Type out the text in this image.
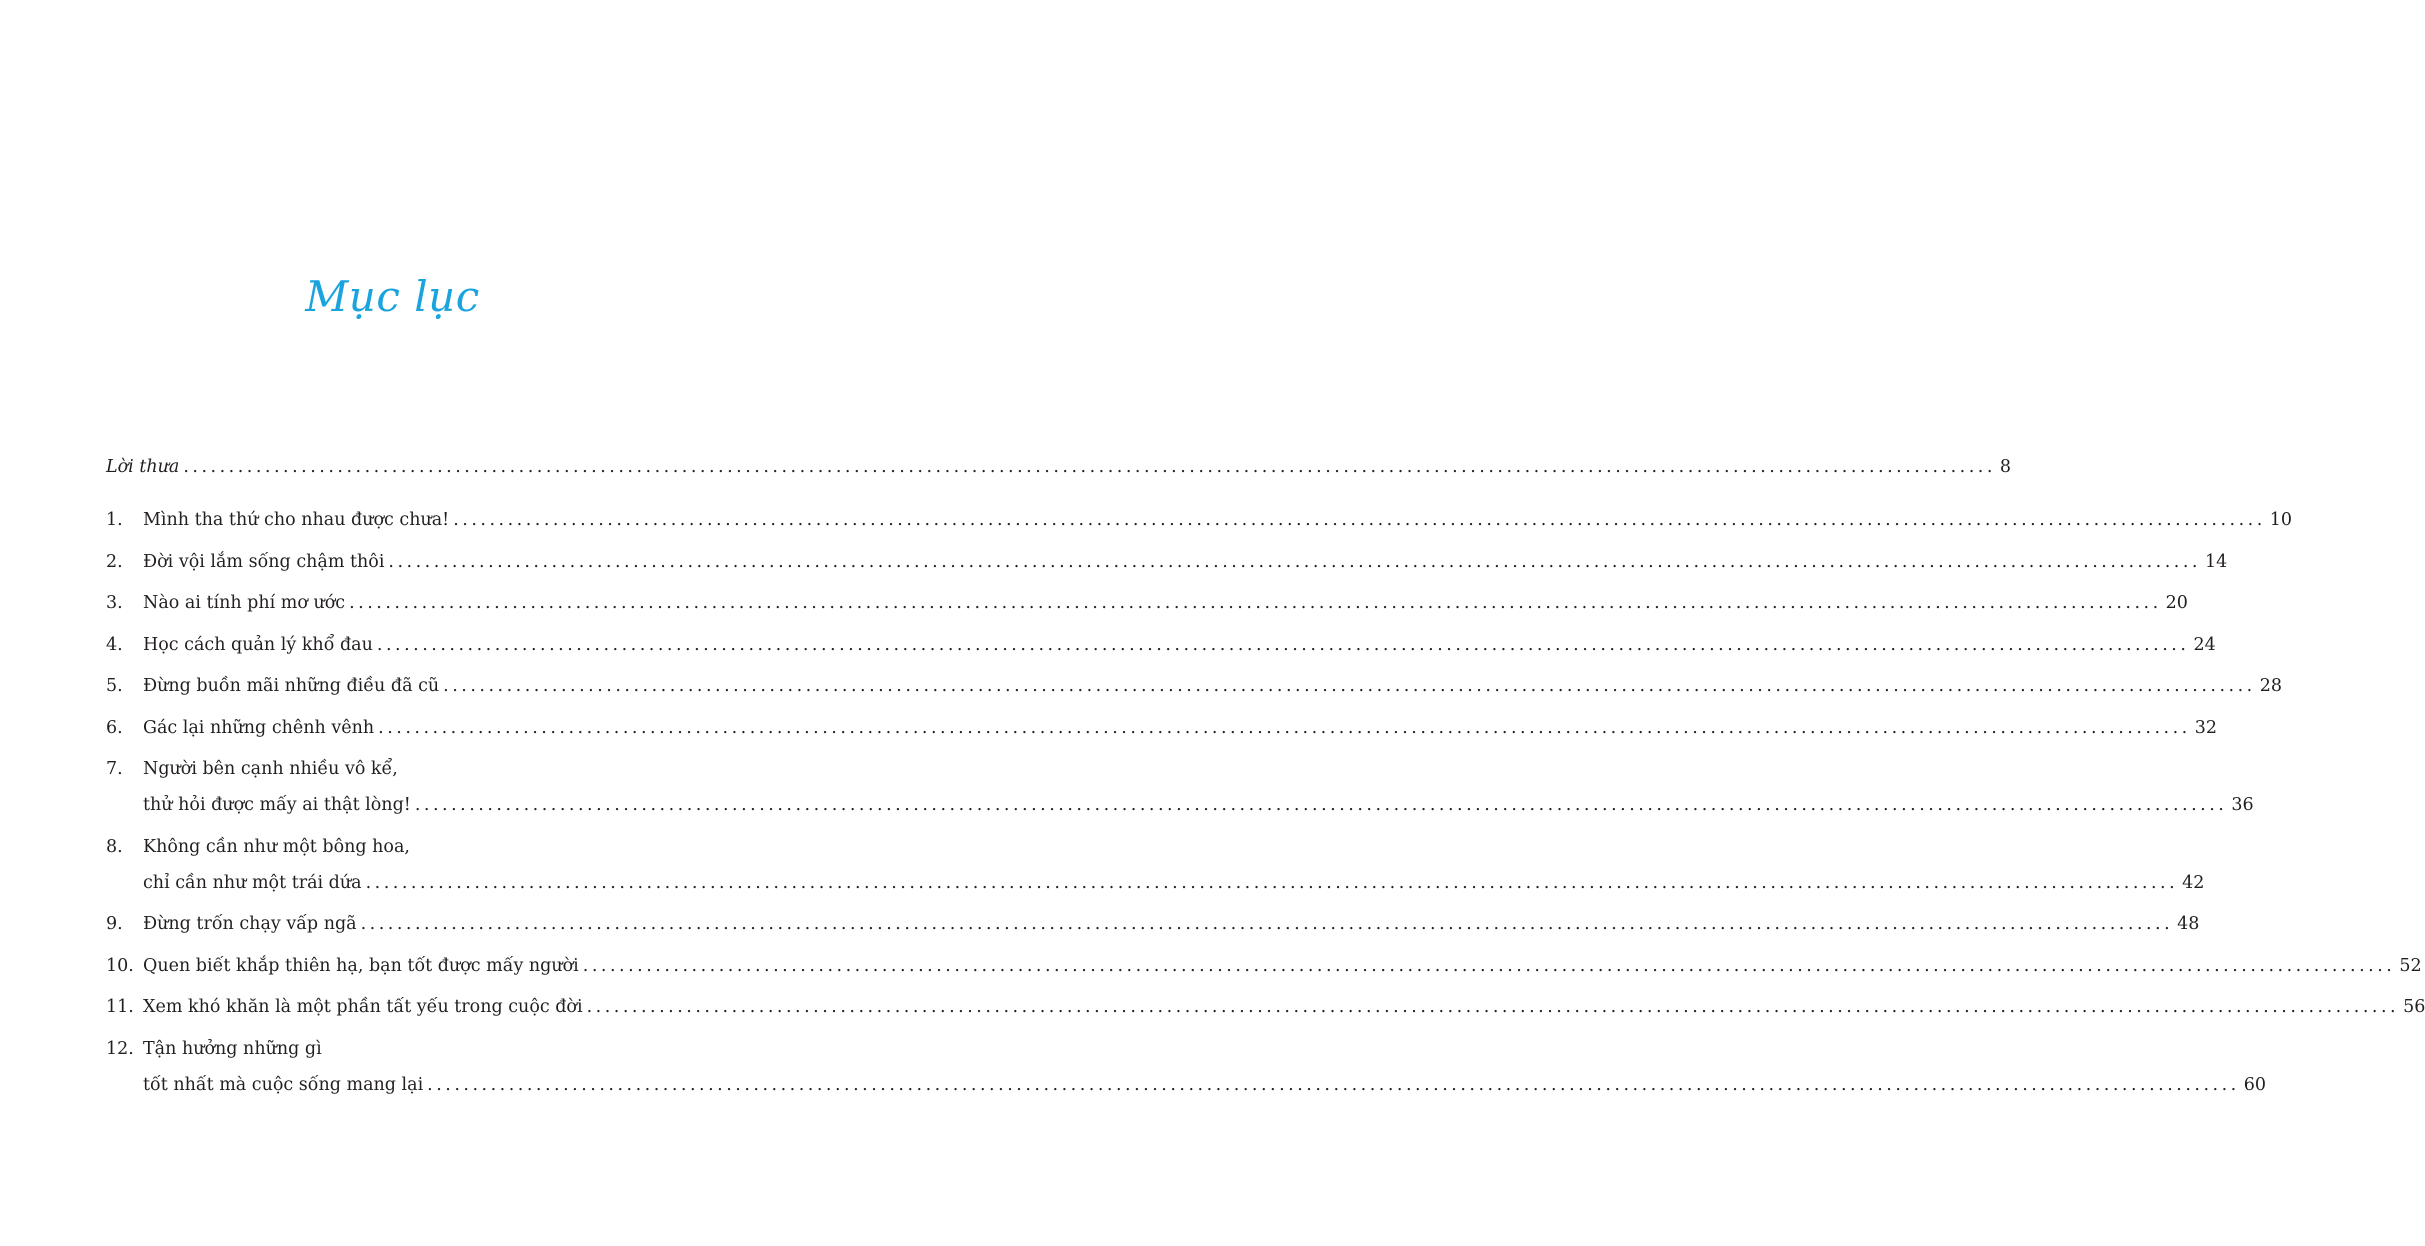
Mục lục
Lời thưa ........................................................................................................................................................................................................ 8
1.	Mình tha thứ cho nhau được chưa! ........................................................................................................................................................................................................ 10
2.	Đời vội lắm sống chậm thôi ........................................................................................................................................................................................................ 14
3.	Nào ai tính phí mơ ước ........................................................................................................................................................................................................ 20
4.	Học cách quản lý khổ đau ........................................................................................................................................................................................................ 24
5.	Đừng buồn mãi những điều đã cũ ........................................................................................................................................................................................................ 28
6.	Gác lại những chênh vênh ........................................................................................................................................................................................................ 32
7.	Người bên cạnh nhiều vô kể,
thử hỏi được mấy ai thật lòng! ........................................................................................................................................................................................................ 36
8.	Không cần như một bông hoa,
chỉ cần như một trái dứa ........................................................................................................................................................................................................ 42
9.	Đừng trốn chạy vấp ngã ........................................................................................................................................................................................................ 48
10. Quen biết khắp thiên hạ, bạn tốt được mấy người ........................................................................................................................................................................................................ 52
11. Xem khó khăn là một phần tất yếu trong cuộc đời ........................................................................................................................................................................................................ 56
12. Tận hưởng những gì
tốt nhất mà cuộc sống mang lại ........................................................................................................................................................................................................ 60
